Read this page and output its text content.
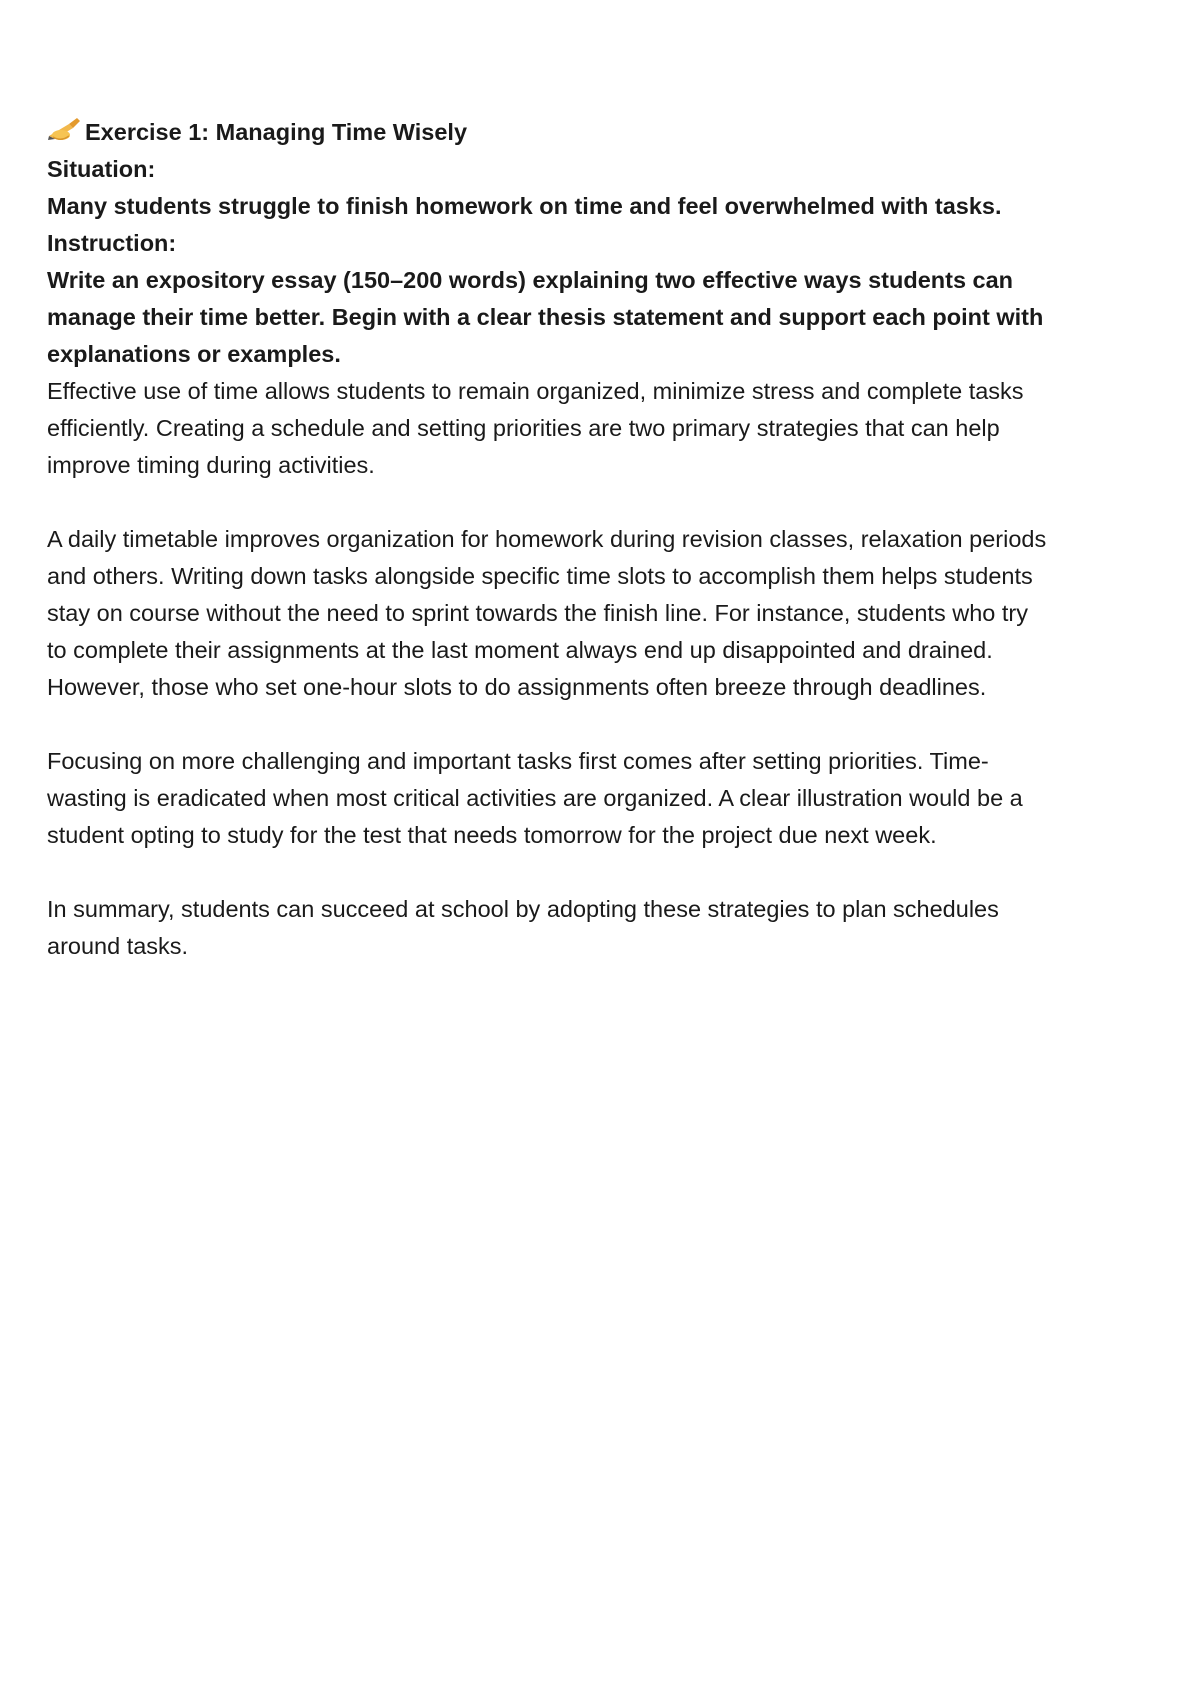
Exercise 1: Managing Time Wisely
Situation:
Many students struggle to finish homework on time and feel overwhelmed with tasks.
Instruction:
Write an expository essay (150–200 words) explaining two effective ways students can
manage their time better. Begin with a clear thesis statement and support each point with
explanations or examples.
Effective use of time allows students to remain organized, minimize stress and complete tasks
efficiently. Creating a schedule and setting priorities are two primary strategies that can help
improve timing during activities.
A daily timetable improves organization for homework during revision classes, relaxation periods
and others. Writing down tasks alongside specific time slots to accomplish them helps students
stay on course without the need to sprint towards the finish line. For instance, students who try
to complete their assignments at the last moment always end up disappointed and drained.
However, those who set one-hour slots to do assignments often breeze through deadlines.
Focusing on more challenging and important tasks first comes after setting priorities. Time-
wasting is eradicated when most critical activities are organized. A clear illustration would be a
student opting to study for the test that needs tomorrow for the project due next week.
In summary, students can succeed at school by adopting these strategies to plan schedules
around tasks.
